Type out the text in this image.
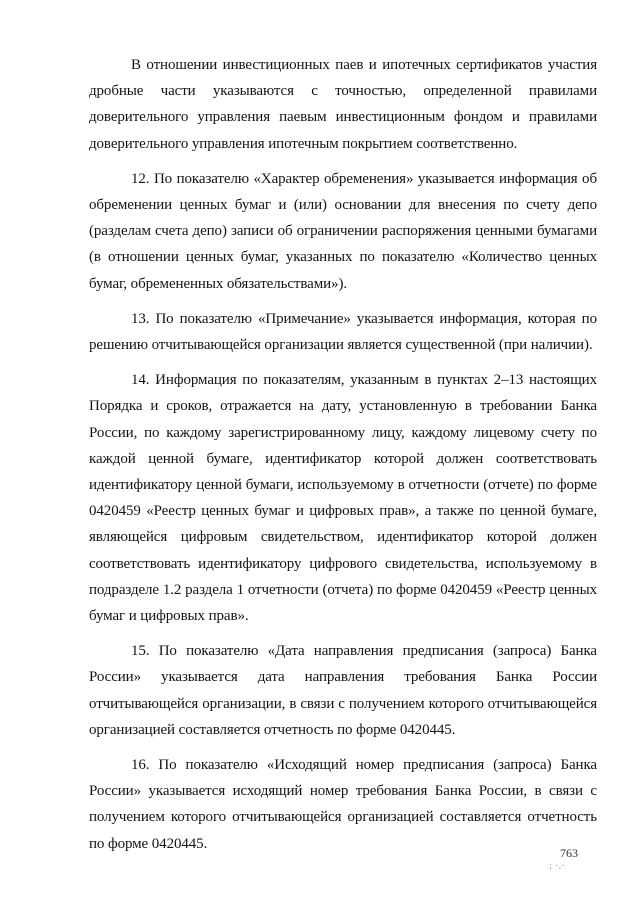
В отношении инвестиционных паев и ипотечных сертификатов участия дробные части указываются с точностью, определенной правилами доверительного управления паевым инвестиционным фондом и правилами доверительного управления ипотечным покрытием соответственно.

12. По показателю «Характер обременения» указывается информация об обременении ценных бумаг и (или) основании для внесения по счету депо (разделам счета депо) записи об ограничении распоряжения ценными бумагами (в отношении ценных бумаг, указанных по показателю «Количество ценных бумаг, обремененных обязательствами»).

13. По показателю «Примечание» указывается информация, которая по решению отчитывающейся организации является существенной (при наличии).

14. Информация по показателям, указанным в пунктах 2–13 настоящих Порядка и сроков, отражается на дату, установленную в требовании Банка России, по каждому зарегистрированному лицу, каждому лицевому счету по каждой ценной бумаге, идентификатор которой должен соответствовать идентификатору ценной бумаги, используемому в отчетности (отчете) по форме 0420459 «Реестр ценных бумаг и цифровых прав», а также по ценной бумаге, являющейся цифровым свидетельством, идентификатор которой должен соответствовать идентификатору цифрового свидетельства, используемому в подразделе 1.2 раздела 1 отчетности (отчета) по форме 0420459 «Реестр ценных бумаг и цифровых прав».

15. По показателю «Дата направления предписания (запроса) Банка России» указывается дата направления требования Банка России отчитывающейся организации, в связи с получением которого отчитывающейся организацией составляется отчетность по форме 0420445.

16. По показателю «Исходящий номер предписания (запроса) Банка России» указывается исходящий номер требования Банка России, в связи с получением которого отчитывающейся организацией составляется отчетность по форме 0420445.

763
: ·.·
